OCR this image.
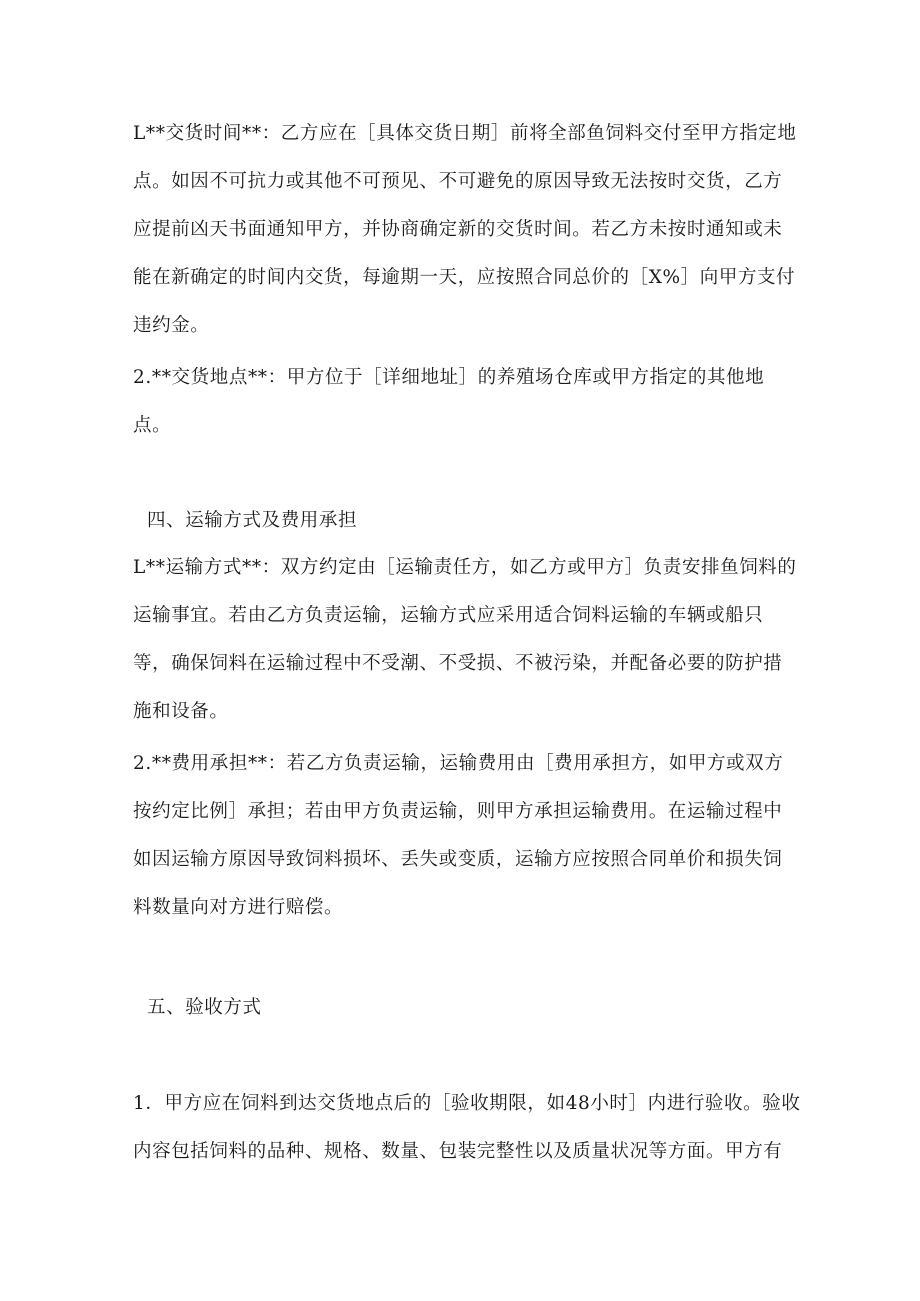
L**交货时间**：乙方应在［具体交货日期］前将全部鱼饲料交付至甲方指定地

点。如因不可抗力或其他不可预见、不可避免的原因导致无法按时交货，乙方

应提前凶天书面通知甲方，并协商确定新的交货时间。若乙方未按时通知或未

能在新确定的时间内交货，每逾期一天，应按照合同总价的［X%］向甲方支付

违约金。

2.**交货地点**：甲方位于［详细地址］的养殖场仓库或甲方指定的其他地

点。

四、运输方式及费用承担

L**运输方式**：双方约定由［运输责任方，如乙方或甲方］负责安排鱼饲料的

运输事宜。若由乙方负责运输，运输方式应采用适合饲料运输的车辆或船只

等，确保饲料在运输过程中不受潮、不受损、不被污染，并配备必要的防护措

施和设备。

2.**费用承担**：若乙方负责运输，运输费用由［费用承担方，如甲方或双方

按约定比例］承担；若由甲方负责运输，则甲方承担运输费用。在运输过程中

如因运输方原因导致饲料损坏、丢失或变质，运输方应按照合同单价和损失饲

料数量向对方进行赔偿。

五、验收方式

1．甲方应在饲料到达交货地点后的［验收期限，如48小时］内进行验收。验收

内容包括饲料的品种、规格、数量、包装完整性以及质量状况等方面。甲方有
